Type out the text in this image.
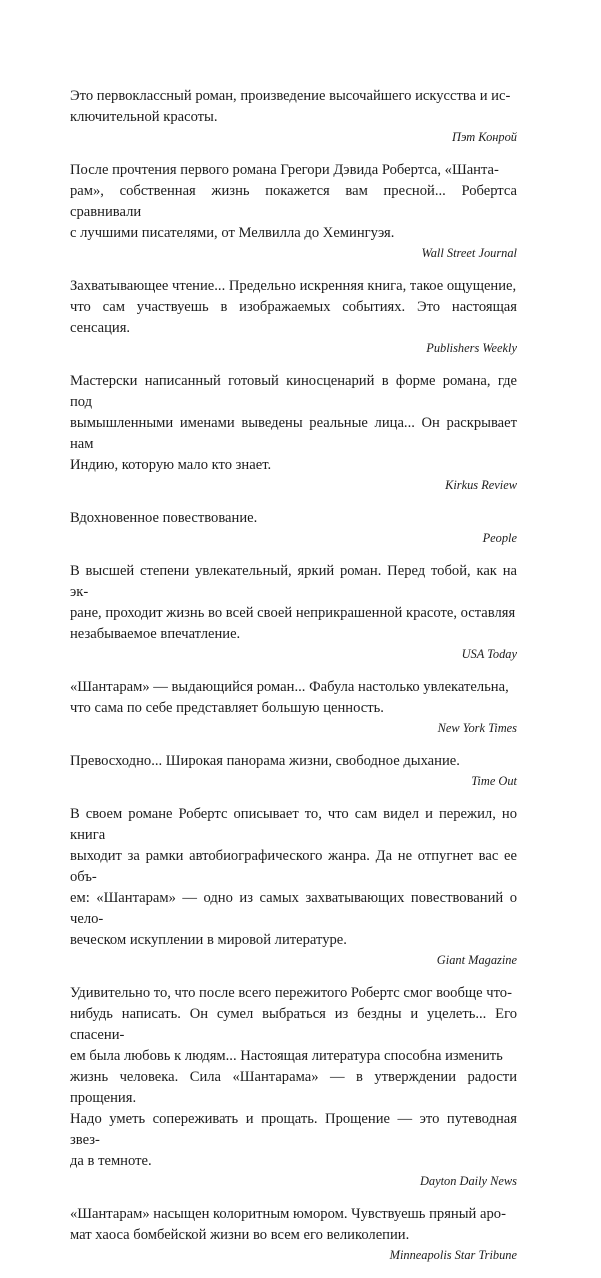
Это первоклассный роман, произведение высочайшего искусства и ис-
ключительной красоты.

Пэт Конрой

После прочтения первого романа Грегори Дэвида Робертса, «Шанта-
рам», собственная жизнь покажется вам пресной... Робертса сравнивали
с лучшими писателями, от Мелвилла до Хемингуэя.

Wall Street Journal

Захватывающее чтение... Предельно искренняя книга, такое ощущение,
что сам участвуешь в изображаемых событиях. Это настоящая сенсация.

Publishers Weekly

Мастерски написанный готовый киносценарий в форме романа, где под
вымышленными именами выведены реальные лица... Он раскрывает нам
Индию, которую мало кто знает.

Kirkus Review

Вдохновенное повествование.

People

В высшей степени увлекательный, яркий роман. Перед тобой, как на эк-
ране, проходит жизнь во всей своей неприкрашенной красоте, оставляя
незабываемое впечатление.

USA Today

«Шантарам» — выдающийся роман... Фабула настолько увлекательна,
что сама по себе представляет большую ценность.

New York Times

Превосходно... Широкая панорама жизни, свободное дыхание.

Time Out

В своем романе Робертс описывает то, что сам видел и пережил, но книга
выходит за рамки автобиографического жанра. Да не отпугнет вас ее объ-
ем: «Шантарам» — одно из самых захватывающих повествований о чело-
веческом искуплении в мировой литературе.

Giant Magazine

Удивительно то, что после всего пережитого Робертс смог вообще что-
нибудь написать. Он сумел выбраться из бездны и уцелеть... Его спасени-
ем была любовь к людям... Настоящая литература способна изменить
жизнь человека. Сила «Шантарама» — в утверждении радости прощения.
Надо уметь сопереживать и прощать. Прощение — это путеводная звез-
да в темноте.

Dayton Daily News

«Шантарам» насыщен колоритным юмором. Чувствуешь пряный аро-
мат хаоса бомбейской жизни во всем его великолепии.

Minneapolis Star Tribune
